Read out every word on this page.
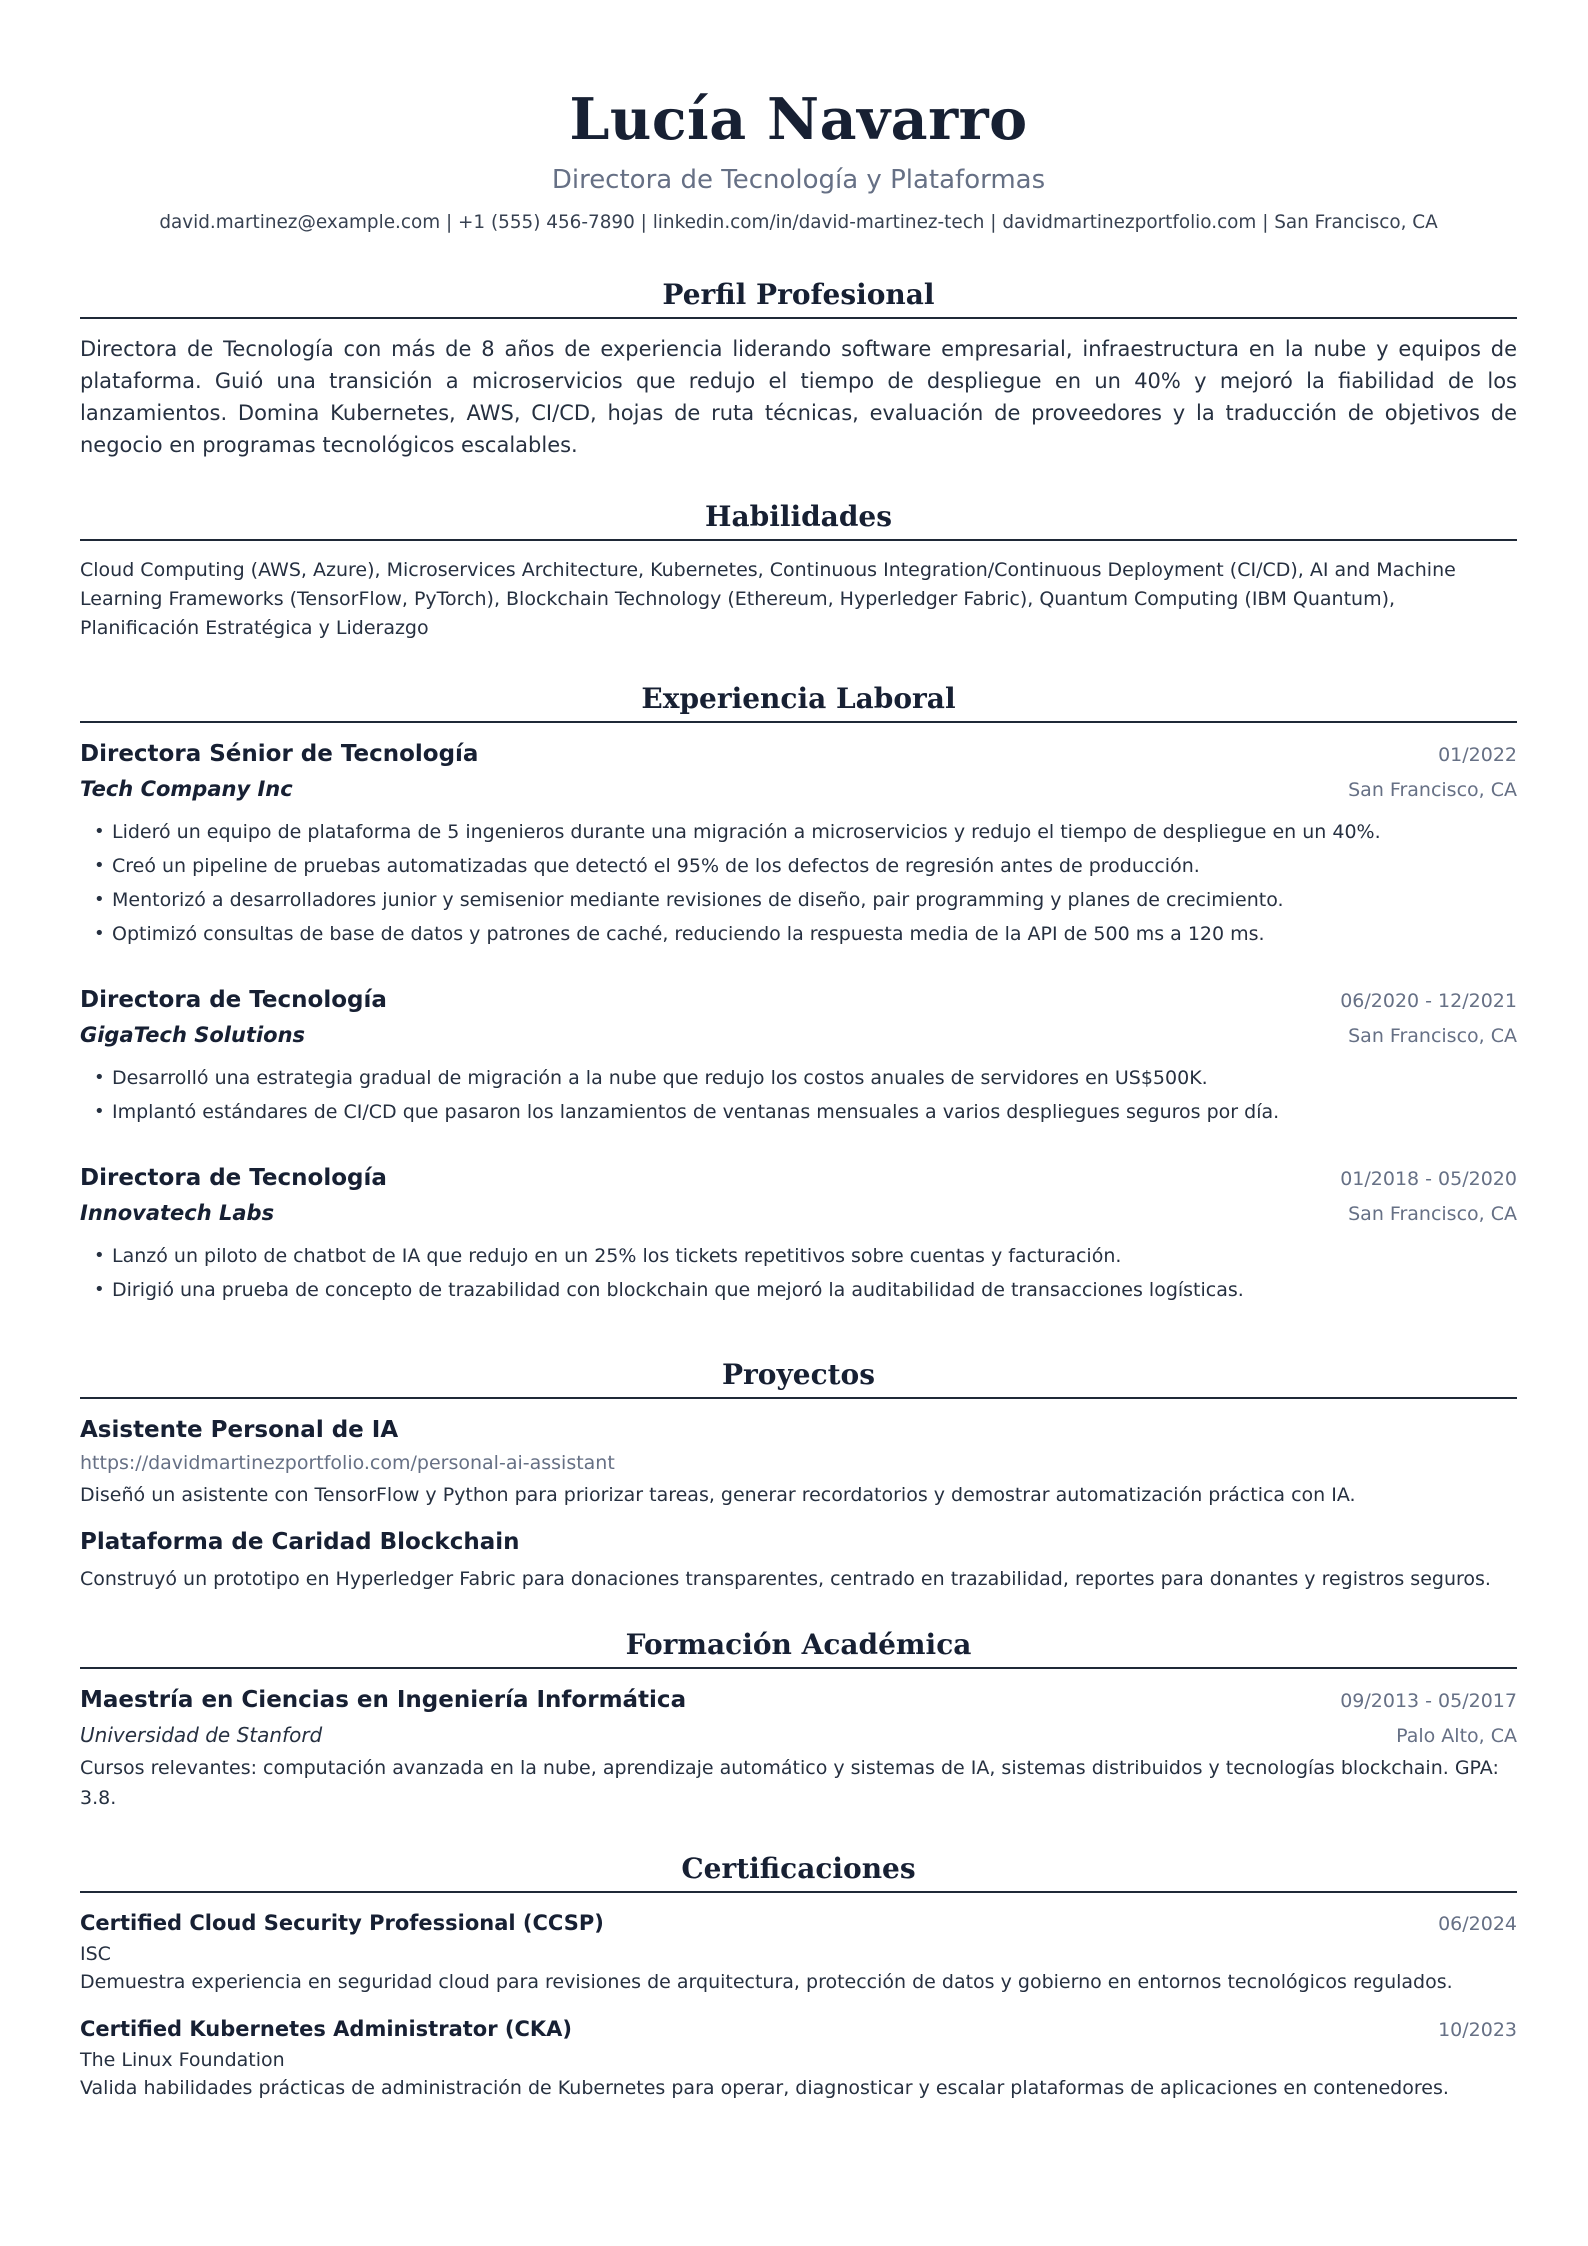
Lucía Navarro
Directora de Tecnología y Plataformas
david.martinez@example.com | +1 (555) 456-7890 | linkedin.com/in/david-martinez-tech | davidmartinezportfolio.com | San Francisco, CA
Perfil Profesional
Directora de Tecnología con más de 8 años de experiencia liderando software empresarial, infraestructura en la nube y equipos de plataforma. Guió una transición a microservicios que redujo el tiempo de despliegue en un 40% y mejoró la fiabilidad de los lanzamientos. Domina Kubernetes, AWS, CI/CD, hojas de ruta técnicas, evaluación de proveedores y la traducción de objetivos de negocio en programas tecnológicos escalables.
Habilidades
Cloud Computing (AWS, Azure), Microservices Architecture, Kubernetes, Continuous Integration/Continuous Deployment (CI/CD), AI and Machine Learning Frameworks (TensorFlow, PyTorch), Blockchain Technology (Ethereum, Hyperledger Fabric), Quantum Computing (IBM Quantum), Planificación Estratégica y Liderazgo
Experiencia Laboral
Directora Sénior de Tecnología	01/2022
Tech Company Inc	San Francisco, CA
• Lideró un equipo de plataforma de 5 ingenieros durante una migración a microservicios y redujo el tiempo de despliegue en un 40%.
• Creó un pipeline de pruebas automatizadas que detectó el 95% de los defectos de regresión antes de producción.
• Mentorizó a desarrolladores junior y semisenior mediante revisiones de diseño, pair programming y planes de crecimiento.
• Optimizó consultas de base de datos y patrones de caché, reduciendo la respuesta media de la API de 500 ms a 120 ms.
Directora de Tecnología	06/2020 - 12/2021
GigaTech Solutions	San Francisco, CA
• Desarrolló una estrategia gradual de migración a la nube que redujo los costos anuales de servidores en US$500K.
• Implantó estándares de CI/CD que pasaron los lanzamientos de ventanas mensuales a varios despliegues seguros por día.
Directora de Tecnología	01/2018 - 05/2020
Innovatech Labs	San Francisco, CA
• Lanzó un piloto de chatbot de IA que redujo en un 25% los tickets repetitivos sobre cuentas y facturación.
• Dirigió una prueba de concepto de trazabilidad con blockchain que mejoró la auditabilidad de transacciones logísticas.
Proyectos
Asistente Personal de IA
https://davidmartinezportfolio.com/personal-ai-assistant
Diseñó un asistente con TensorFlow y Python para priorizar tareas, generar recordatorios y demostrar automatización práctica con IA.
Plataforma de Caridad Blockchain
Construyó un prototipo en Hyperledger Fabric para donaciones transparentes, centrado en trazabilidad, reportes para donantes y registros seguros.
Formación Académica
Maestría en Ciencias en Ingeniería Informática	09/2013 - 05/2017
Universidad de Stanford	Palo Alto, CA
Cursos relevantes: computación avanzada en la nube, aprendizaje automático y sistemas de IA, sistemas distribuidos y tecnologías blockchain. GPA: 3.8.
Certificaciones
Certified Cloud Security Professional (CCSP)	06/2024
ISC
Demuestra experiencia en seguridad cloud para revisiones de arquitectura, protección de datos y gobierno en entornos tecnológicos regulados.
Certified Kubernetes Administrator (CKA)	10/2023
The Linux Foundation
Valida habilidades prácticas de administración de Kubernetes para operar, diagnosticar y escalar plataformas de aplicaciones en contenedores.
